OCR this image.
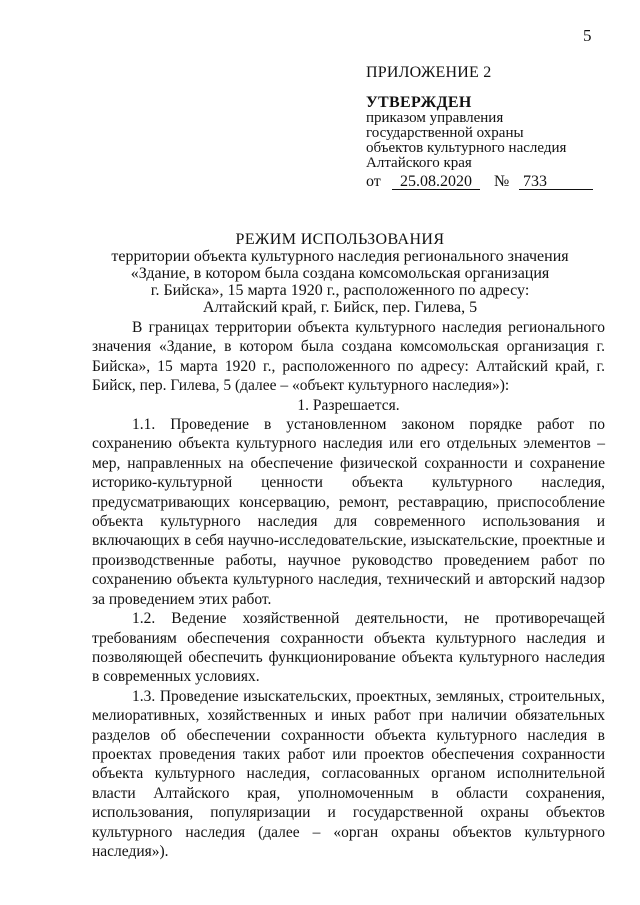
5
ПРИЛОЖЕНИЕ 2
УТВЕРЖДЕН
приказом управления
государственной охраны
объектов культурного наследия
Алтайского края
от	25.08.2020	№ 733
РЕЖИМ ИСПОЛЬЗОВАНИЯ
территории объекта культурного наследия регионального значения
«Здание, в котором была создана комсомольская организация
г. Бийска», 15 марта 1920 г., расположенного по адресу:
Алтайский край, г. Бийск, пер. Гилева, 5

В границах территории объекта культурного наследия регионального значения «Здание, в котором была создана комсомольская организация г. Бийска», 15 марта 1920 г., расположенного по адресу: Алтайский край, г. Бийск, пер. Гилева, 5 (далее – «объект культурного наследия»):

1. Разрешается.

1.1. Проведение в установленном законом порядке работ по сохранению объекта культурного наследия или его отдельных элементов – мер, направленных на обеспечение физической сохранности и сохранение историко-культурной ценности объекта культурного наследия, предусматривающих консервацию, ремонт, реставрацию, приспособление объекта культурного наследия для современного использования и включающих в себя научно-исследовательские, изыскательские, проектные и производственные работы, научное руководство проведением работ по сохранению объекта культурного наследия, технический и авторский надзор за проведением этих работ.

1.2. Ведение хозяйственной деятельности, не противоречащей требованиям обеспечения сохранности объекта культурного наследия и позволяющей обеспечить функционирование объекта культурного наследия в современных условиях.

1.3. Проведение изыскательских, проектных, земляных, строительных, мелиоративных, хозяйственных и иных работ при наличии обязательных разделов об обеспечении сохранности объекта культурного наследия в проектах проведения таких работ или проектов обеспечения сохранности объекта культурного наследия, согласованных органом исполнительной власти Алтайского края, уполномоченным в области сохранения, использования, популяризации и государственной охраны объектов культурного наследия (далее – «орган охраны объектов культурного наследия»).
